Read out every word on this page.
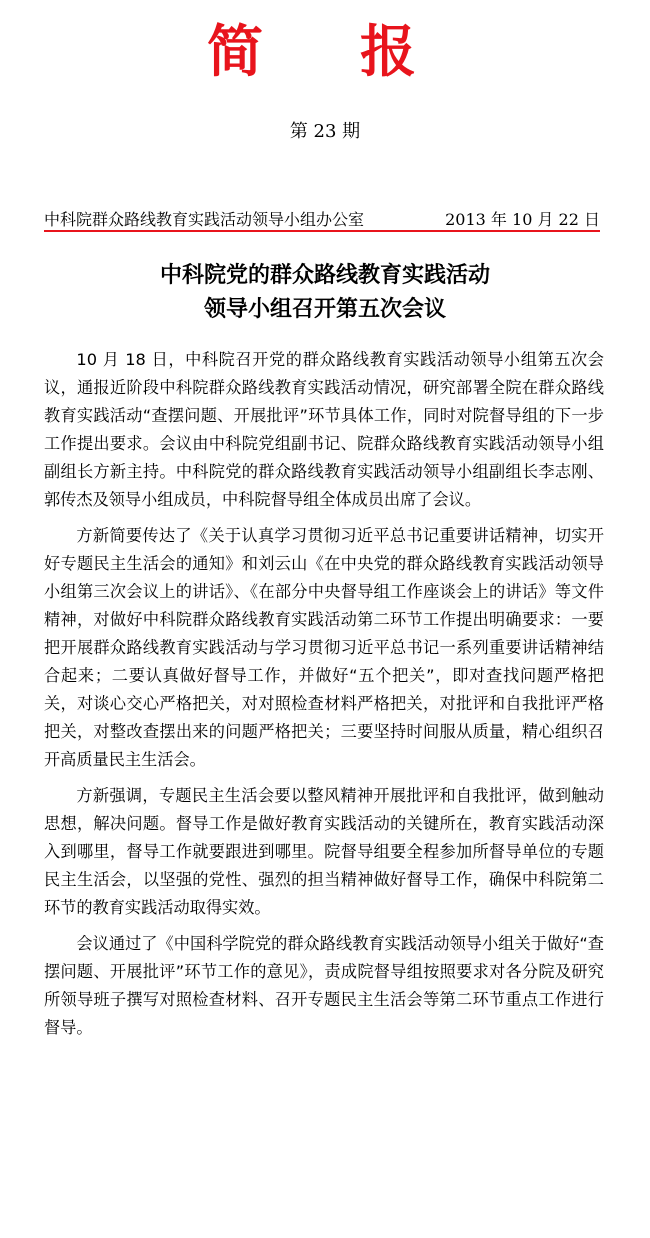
简 报
第 23 期
中科院群众路线教育实践活动领导小组办公室	2013 年 10 月 22 日
中科院党的群众路线教育实践活动
领导小组召开第五次会议

10 月 18 日，中科院召开党的群众路线教育实践活动领导小组第五次会议，通报近阶段中科院群众路线教育实践活动情况，研究部署全院在群众路线教育实践活动“查摆问题、开展批评”环节具体工作，同时对院督导组的下一步工作提出要求。会议由中科院党组副书记、院群众路线教育实践活动领导小组副组长方新主持。中科院党的群众路线教育实践活动领导小组副组长李志刚、郭传杰及领导小组成员，中科院督导组全体成员出席了会议。

方新简要传达了《关于认真学习贯彻习近平总书记重要讲话精神，切实开好专题民主生活会的通知》和刘云山《在中央党的群众路线教育实践活动领导小组第三次会议上的讲话》、《在部分中央督导组工作座谈会上的讲话》等文件精神，对做好中科院群众路线教育实践活动第二环节工作提出明确要求：一要把开展群众路线教育实践活动与学习贯彻习近平总书记一系列重要讲话精神结合起来；二要认真做好督导工作，并做好“五个把关”，即对查找问题严格把关，对谈心交心严格把关，对对照检查材料严格把关，对批评和自我批评严格把关，对整改查摆出来的问题严格把关；三要坚持时间服从质量，精心组织召开高质量民主生活会。

方新强调，专题民主生活会要以整风精神开展批评和自我批评，做到触动思想，解决问题。督导工作是做好教育实践活动的关键所在，教育实践活动深入到哪里，督导工作就要跟进到哪里。院督导组要全程参加所督导单位的专题民主生活会，以坚强的党性、强烈的担当精神做好督导工作，确保中科院第二环节的教育实践活动取得实效。

会议通过了《中国科学院党的群众路线教育实践活动领导小组关于做好“查摆问题、开展批评”环节工作的意见》，责成院督导组按照要求对各分院及研究所领导班子撰写对照检查材料、召开专题民主生活会等第二环节重点工作进行督导。
